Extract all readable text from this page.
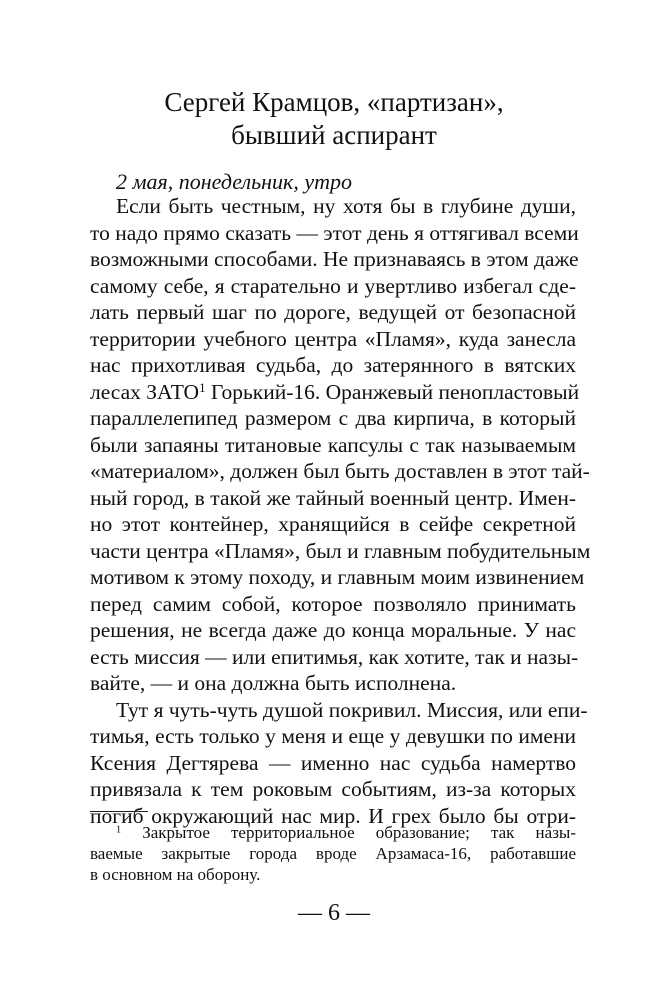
Сергей Крамцов, «партизан»,
бывший аспирант
2 мая, понедельник, утро
Если быть честным, ну хотя бы в глубине души,
то надо прямо сказать — этот день я оттягивал всеми
возможными способами. Не признаваясь в этом даже
самому себе, я старательно и увертливо избегал сде-
лать первый шаг по дороге, ведущей от безопасной
территории учебного центра «Пламя», куда занесла
нас прихотливая судьба, до затерянного в вятских
лесах ЗАТО$^1$ Горький-16. Оранжевый пенопластовый
параллелепипед размером с два кирпича, в который
были запаяны титановые капсулы с так называемым
«материалом», должен был быть доставлен в этот тай-
ный город, в такой же тайный военный центр. Имен-
но этот контейнер, хранящийся в сейфе секретной
части центра «Пламя», был и главным побудительным
мотивом к этому походу, и главным моим извинением
перед самим собой, которое позволяло принимать
решения, не всегда даже до конца моральные. У нас
есть миссия — или епитимья, как хотите, так и назы-
вайте, — и она должна быть исполнена.
Тут я чуть-чуть душой покривил. Миссия, или епи-
тимья, есть только у меня и еще у девушки по имени
Ксения Дегтярева — именно нас судьба намертво
привязала к тем роковым событиям, из-за которых
погиб окружающий нас мир. И грех было бы отри-
$^1$ Закрытое территориальное образование; так назы-
ваемые закрытые города вроде Арзамаса-16, работавшие
в основном на оборону.
— 6 —
